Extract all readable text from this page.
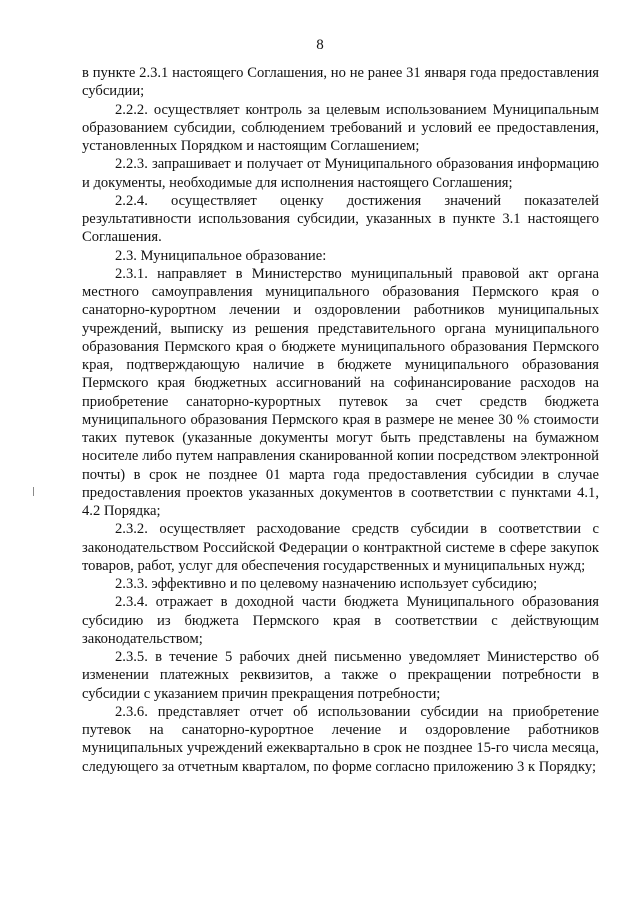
8

в пункте 2.3.1 настоящего Соглашения, но не ранее 31 января года предоставления субсидии;

2.2.2. осуществляет контроль за целевым использованием Муниципальным образованием субсидии, соблюдением требований и условий ее предоставления, установленных Порядком и настоящим Соглашением;

2.2.3. запрашивает и получает от Муниципального образования информацию и документы, необходимые для исполнения настоящего Соглашения;

2.2.4. осуществляет оценку достижения значений показателей результативности использования субсидии, указанных в пункте 3.1 настоящего Соглашения.

2.3. Муниципальное образование:

2.3.1. направляет в Министерство муниципальный правовой акт органа местного самоуправления муниципального образования Пермского края о санаторно-курортном лечении и оздоровлении работников муниципальных учреждений, выписку из решения представительного органа муниципального образования Пермского края о бюджете муниципального образования Пермского края, подтверждающую наличие в бюджете муниципального образования Пермского края бюджетных ассигнований на софинансирование расходов на приобретение санаторно-курортных путевок за счет средств бюджета муниципального образования Пермского края в размере не менее 30 % стоимости таких путевок (указанные документы могут быть представлены на бумажном носителе либо путем направления сканированной копии посредством электронной почты) в срок не позднее 01 марта года предоставления субсидии в случае предоставления проектов указанных документов в соответствии с пунктами 4.1, 4.2 Порядка;

2.3.2. осуществляет расходование средств субсидии в соответствии с законодательством Российской Федерации о контрактной системе в сфере закупок товаров, работ, услуг для обеспечения государственных и муниципальных нужд;

2.3.3. эффективно и по целевому назначению использует субсидию;

2.3.4. отражает в доходной части бюджета Муниципального образования субсидию из бюджета Пермского края в соответствии с действующим законодательством;

2.3.5. в течение 5 рабочих дней письменно уведомляет Министерство об изменении платежных реквизитов, а также о прекращении потребности в субсидии с указанием причин прекращения потребности;

2.3.6. представляет отчет об использовании субсидии на приобретение путевок на санаторно-курортное лечение и оздоровление работников муниципальных учреждений ежеквартально в срок не позднее 15-го числа месяца, следующего за отчетным кварталом, по форме согласно приложению 3 к Порядку;
